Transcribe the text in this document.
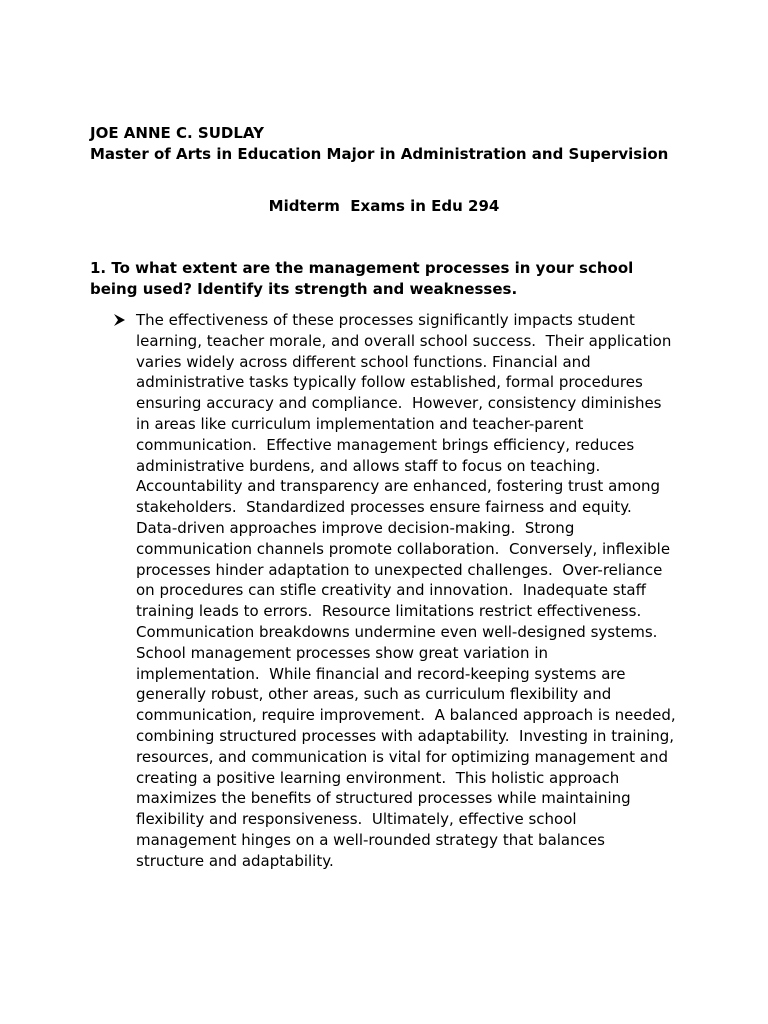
JOE ANNE C. SUDLAY
Master of Arts in Education Major in Administration and Supervision
Midterm  Exams in Edu 294
1. To what extent are the management processes in your school
being used? Identify its strength and weaknesses.
The effectiveness of these processes significantly impacts student
learning, teacher morale, and overall school success.  Their application
varies widely across different school functions. Financial and
administrative tasks typically follow established, formal procedures
ensuring accuracy and compliance.  However, consistency diminishes
in areas like curriculum implementation and teacher-parent
communication.  Effective management brings efficiency, reduces
administrative burdens, and allows staff to focus on teaching.
Accountability and transparency are enhanced, fostering trust among
stakeholders.  Standardized processes ensure fairness and equity.
Data-driven approaches improve decision-making.  Strong
communication channels promote collaboration.  Conversely, inflexible
processes hinder adaptation to unexpected challenges.  Over-reliance
on procedures can stifle creativity and innovation.  Inadequate staff
training leads to errors.  Resource limitations restrict effectiveness.
Communication breakdowns undermine even well-designed systems.
School management processes show great variation in
implementation.  While financial and record-keeping systems are
generally robust, other areas, such as curriculum flexibility and
communication, require improvement.  A balanced approach is needed,
combining structured processes with adaptability.  Investing in training,
resources, and communication is vital for optimizing management and
creating a positive learning environment.  This holistic approach
maximizes the benefits of structured processes while maintaining
flexibility and responsiveness.  Ultimately, effective school
management hinges on a well-rounded strategy that balances
structure and adaptability.
